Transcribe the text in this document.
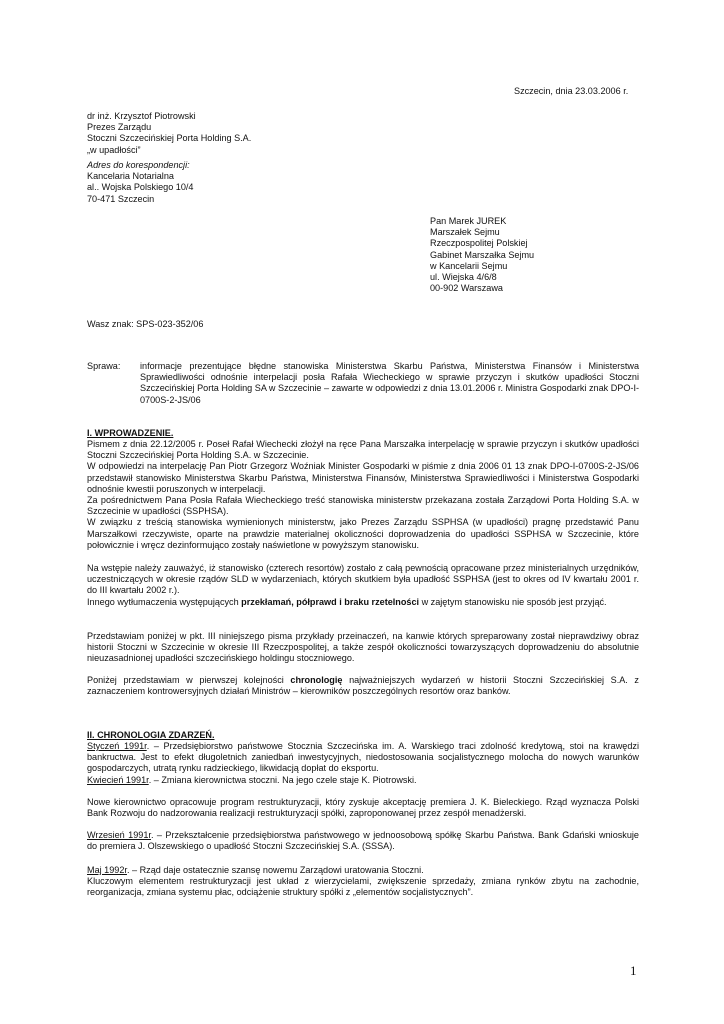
Szczecin, dnia 23.03.2006 r.

dr inż. Krzysztof Piotrowski
Prezes Zarządu
Stoczni Szczecińskiej Porta Holding S.A.
„w upadłości”
Adres do korespondencji:
Kancelaria Notarialna
al.. Wojska Polskiego 10/4
70-471 Szczecin
Pan Marek JUREK
Marszałek Sejmu
Rzeczpospolitej Polskiej
Gabinet Marszałka Sejmu
w Kancelarii Sejmu
ul. Wiejska 4/6/8
00-902 Warszawa

Wasz znak: SPS-023-352/06

Sprawa: informacje prezentujące błędne stanowiska Ministerstwa Skarbu Państwa, Ministerstwa Finansów i Ministerstwa Sprawiedliwości odnośnie interpelacji posła Rafała Wiecheckiego w sprawie przyczyn i skutków upadłości Stoczni Szczecińskiej Porta Holding SA w Szczecinie – zawarte w odpowiedzi z dnia 13.01.2006 r. Ministra Gospodarki znak DPO-I-0700S-2-JS/06

I. WPROWADZENIE.

Pismem z dnia 22.12/2005 r. Poseł Rafał Wiechecki złożył na ręce Pana Marszałka interpelację w sprawie przyczyn i skutków upadłości Stoczni Szczecińskiej Porta Holding S.A. w Szczecinie.

W odpowiedzi na interpelację Pan Piotr Grzegorz Woźniak Minister Gospodarki w piśmie z dnia 2006 01 13 znak DPO-I-0700S-2-JS/06 przedstawił stanowisko Ministerstwa Skarbu Państwa, Ministerstwa Finansów, Ministerstwa Sprawiedliwości i Ministerstwa Gospodarki odnośnie kwestii poruszonych w interpelacji.

Za pośrednictwem Pana Posła Rafała Wiecheckiego treść stanowiska ministerstw przekazana została Zarządowi Porta Holding S.A. w Szczecinie w upadłości (SSPHSA).

W związku z treścią stanowiska wymienionych ministerstw, jako Prezes Zarządu SSPHSA (w upadłości) pragnę przedstawić Panu Marszałkowi rzeczywiste, oparte na prawdzie materialnej okoliczności doprowadzenia do upadłości SSPHSA w Szczecinie, które połowicznie i wręcz dezinformująco zostały naświetlone w powyższym stanowisku.

Na wstępie należy zauważyć, iż stanowisko (czterech resortów) zostało z całą pewnością opracowane przez ministerialnych urzędników, uczestniczących w okresie rządów SLD w wydarzeniach, których skutkiem była upadłość SSPHSA (jest to okres od IV kwartału 2001 r. do III kwartału 2002 r.).

Innego wytłumaczenia występujących przekłamań, półprawd i braku rzetelności w zajętym stanowisku nie sposób jest przyjąć.

Przedstawiam poniżej w pkt. III niniejszego pisma przykłady przeinaczeń, na kanwie których spreparowany został nieprawdziwy obraz historii Stoczni w Szczecinie w okresie III Rzeczpospolitej, a także zespół okoliczności towarzyszących doprowadzeniu do absolutnie nieuzasadnionej upadłości szczecińskiego holdingu stoczniowego.

Poniżej przedstawiam w pierwszej kolejności chronologię najważniejszych wydarzeń w historii Stoczni Szczecińskiej S.A. z zaznaczeniem kontrowersyjnych działań Ministrów – kierowników poszczególnych resortów oraz banków.

II. CHRONOLOGIA ZDARZEŃ.

Styczeń 1991r. – Przedsiębiorstwo państwowe Stocznia Szczecińska im. A. Warskiego traci zdolność kredytową, stoi na krawędzi bankructwa. Jest to efekt długoletnich zaniedbań inwestycyjnych, niedostosowania socjalistycznego molocha do nowych warunków gospodarczych, utratą rynku radzieckiego, likwidacją dopłat do eksportu.

Kwiecień 1991r. – Zmiana kierownictwa stoczni. Na jego czele staje K. Piotrowski.

Nowe kierownictwo opracowuje program restrukturyzacji, który zyskuje akceptację premiera J. K. Bieleckiego. Rząd wyznacza Polski Bank Rozwoju do nadzorowania realizacji restrukturyzacji spółki, zaproponowanej przez zespół menadżerski.

Wrzesień 1991r. – Przekształcenie przedsiębiorstwa państwowego w jednoosobową spółkę Skarbu Państwa. Bank Gdański wnioskuje do premiera J. Olszewskiego o upadłość Stoczni Szczecińskiej S.A. (SSSA).

Maj 1992r. – Rząd daje ostatecznie szansę nowemu Zarządowi uratowania Stoczni.

Kluczowym elementem restrukturyzacji jest układ z wierzycielami, zwiększenie sprzedaży, zmiana rynków zbytu na zachodnie, reorganizacja, zmiana systemu płac, odciążenie struktury spółki z „elementów socjalistycznych”.

1
